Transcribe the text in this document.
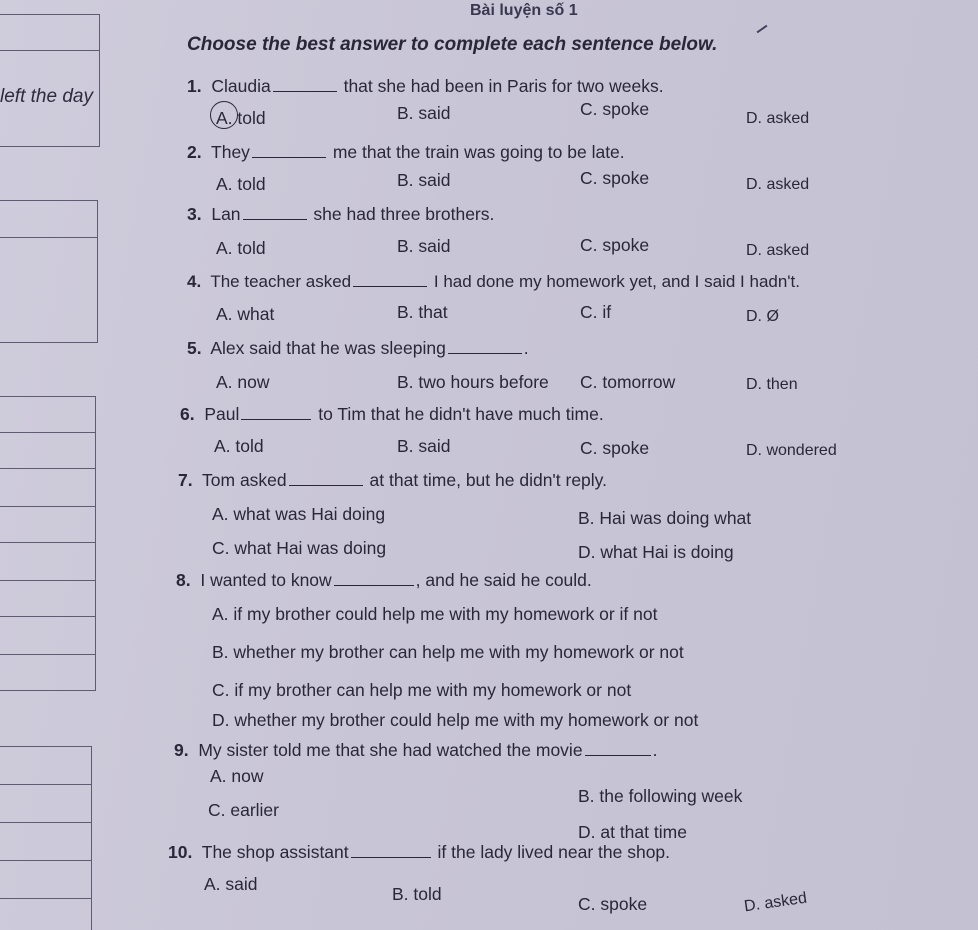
left the day
Bài luyện số 1
Choose the best answer to complete each sentence below.
1. Claudia	that she had been in Paris for two weeks.
A. told	B. said	C. spoke	D. asked
2. They	me that the train was going to be late.
A. told	B. said	C. spoke	D. asked
3. Lan	she had three brothers.
A. told	B. said	C. spoke	D. asked
4. The teacher asked	I had done my homework yet, and I said I hadn't.
A. what	B. that	C. if	D. Ø
5. Alex said that he was sleeping	.
A. now	B. two hours before C. tomorrow	D. then
6. Paul	to Tim that he didn't have much time.
A. told	B. said	C. spoke	D. wondered
7. Tom asked	at that time, but he didn't reply.
A. what was Hai doing	B. Hai was doing what
C. what Hai was doing	D. what Hai is doing
8. I wanted to know	, and he said he could.
A. if my brother could help me with my homework or if not
B. whether my brother can help me with my homework or not
C. if my brother can help me with my homework or not
D. whether my brother could help me with my homework or not
9. My sister told me that she had watched the movie	.
A. now
B. the following week
C. earlier
D. at that time
10. The shop assistant	if the lady lived near the shop.
A. said	B. told	C. spoke	D. asked
